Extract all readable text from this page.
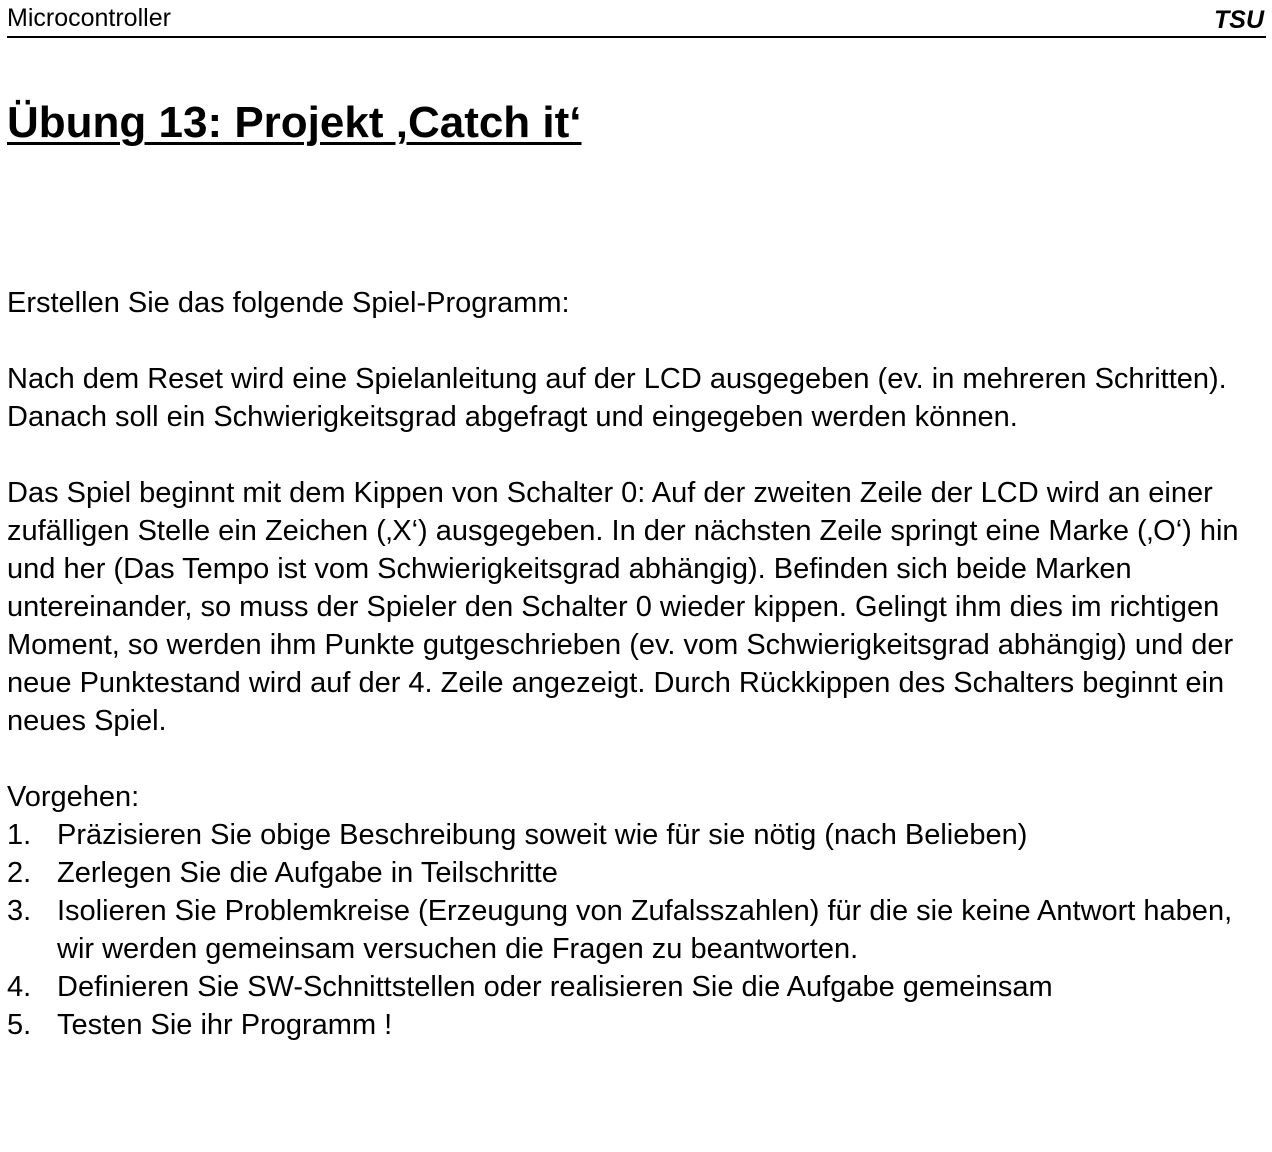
Microcontroller	TSU
Übung 13: Projekt ‚Catch it‘

Erstellen Sie das folgende Spiel-Programm:

Nach dem Reset wird eine Spielanleitung auf der LCD ausgegeben (ev. in mehreren Schritten). Danach soll ein Schwierigkeitsgrad abgefragt und eingegeben werden können.

Das Spiel beginnt mit dem Kippen von Schalter 0: Auf der zweiten Zeile der LCD wird an einer zufälligen Stelle ein Zeichen (‚X‘) ausgegeben. In der nächsten Zeile springt eine Marke (‚O‘) hin und her (Das Tempo ist vom Schwierigkeitsgrad abhängig). Befinden sich beide Marken untereinander, so muss der Spieler den Schalter 0 wieder kippen. Gelingt ihm dies im richtigen Moment, so werden ihm Punkte gutgeschrieben (ev. vom Schwierigkeitsgrad abhängig) und der neue Punktestand wird auf der 4. Zeile angezeigt. Durch Rückkippen des Schalters beginnt ein neues Spiel.

Vorgehen:

1. Präzisieren Sie obige Beschreibung soweit wie für sie nötig (nach Belieben)
2. Zerlegen Sie die Aufgabe in Teilschritte
3. Isolieren Sie Problemkreise (Erzeugung von Zufalsszahlen) für die sie keine Antwort haben, wir werden gemeinsam versuchen die Fragen zu beantworten.
4. Definieren Sie SW-Schnittstellen oder realisieren Sie die Aufgabe gemeinsam
5. Testen Sie ihr Programm !
